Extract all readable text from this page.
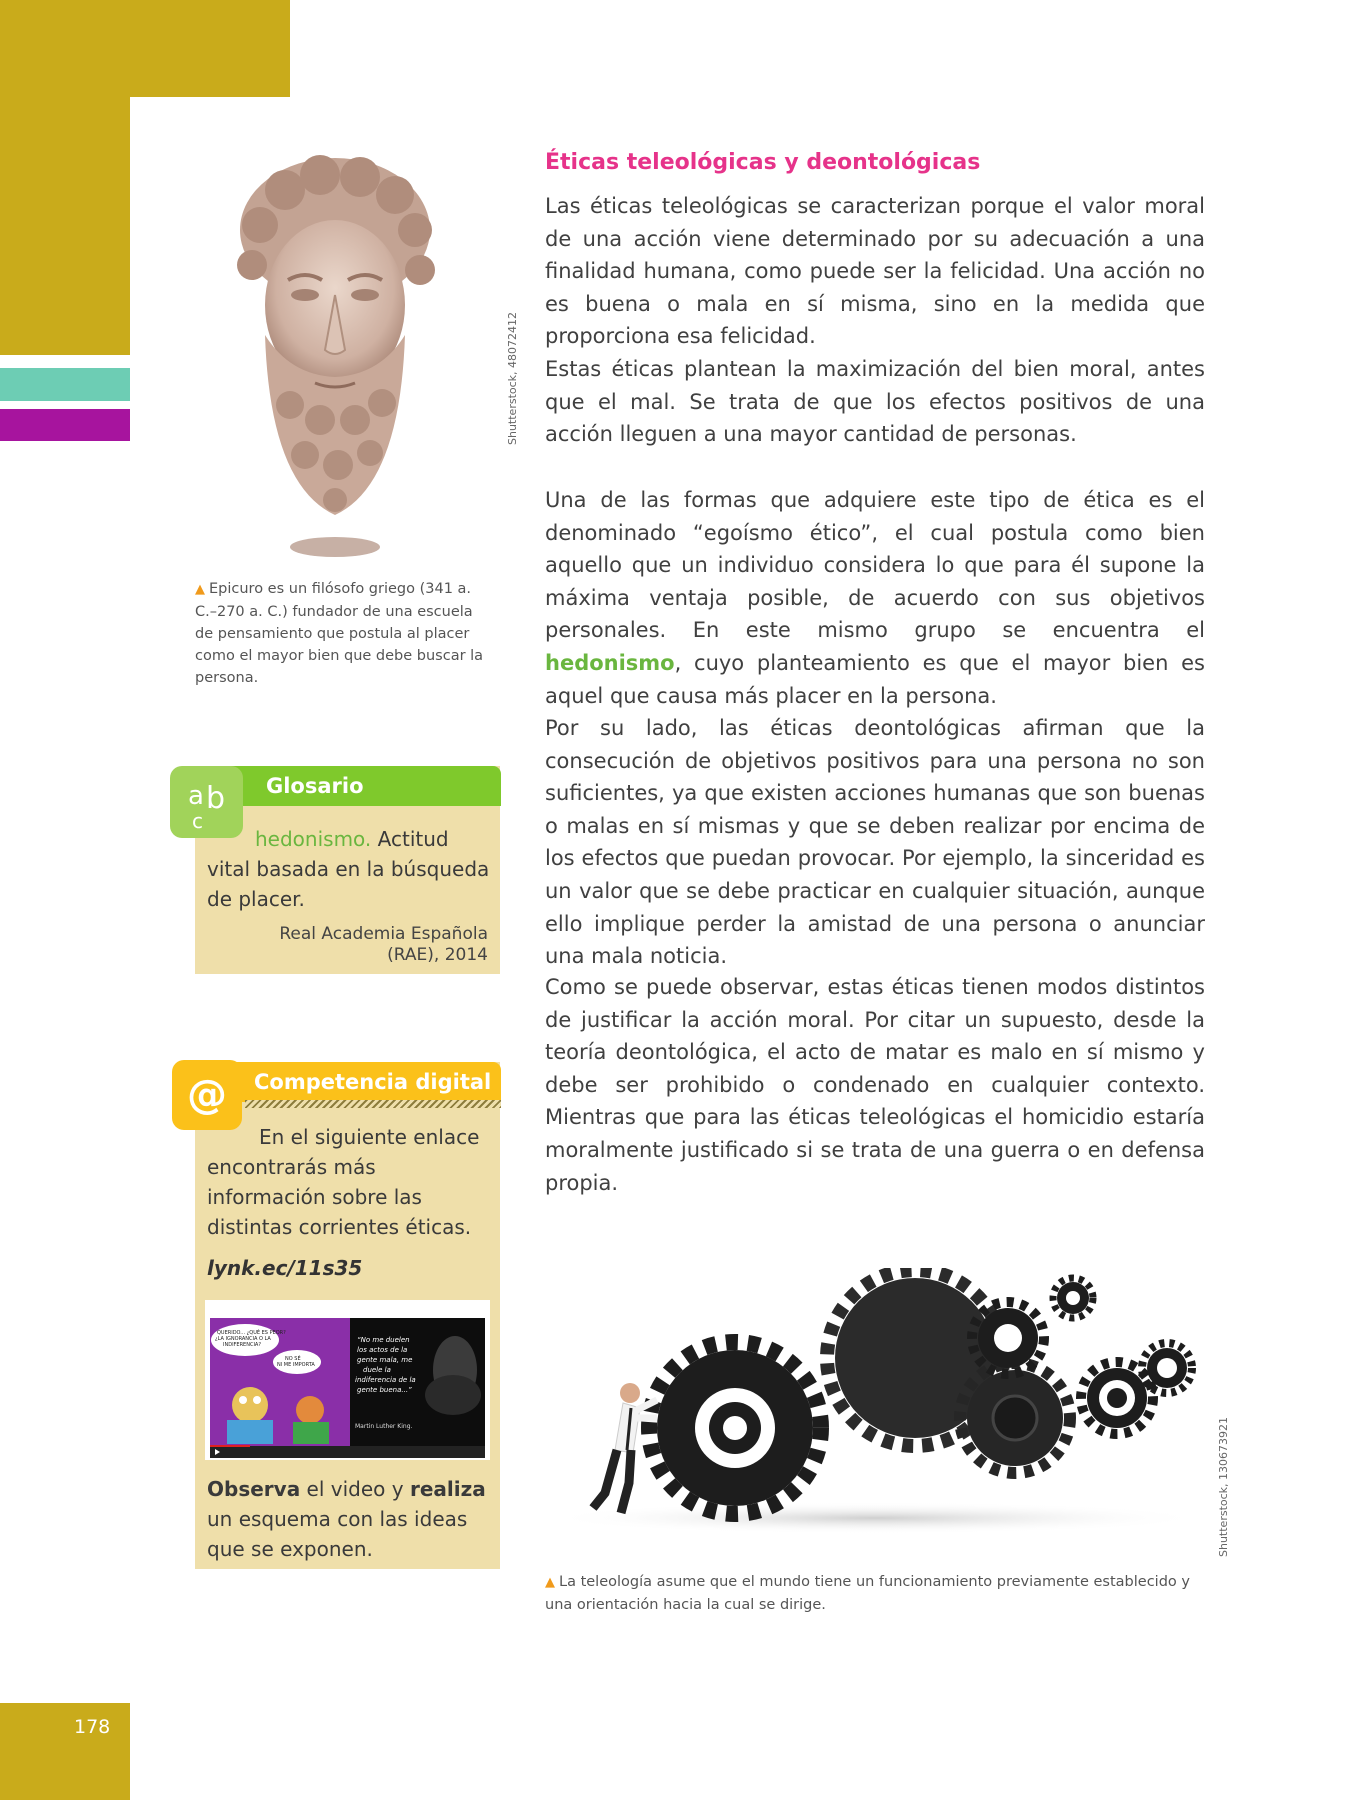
178
Shutterstock, 48072412
▲ Epicuro es un filósofo griego (341 a. C.–270 a. C.) fundador de una escuela de pensamiento que postula al placer como el mayor bien que debe buscar la persona.
Éticas teleológicas y deontológicas

Las éticas teleológicas se caracterizan porque el valor moral de una acción viene determinado por su adecuación a una finalidad humana, como puede ser la felicidad. Una acción no es buena o mala en sí misma, sino en la medida que proporciona esa felicidad.

Estas éticas plantean la maximización del bien moral, antes que el mal. Se trata de que los efectos positivos de una acción lleguen a una mayor cantidad de personas.

Una de las formas que adquiere este tipo de ética es el denominado “egoísmo ético”, el cual postula como bien aquello que un individuo considera lo que para él supone la máxima ventaja posible, de acuerdo con sus objetivos personales. En este mismo grupo se encuentra el hedonismo, cuyo planteamiento es que el mayor bien es aquel que causa más placer en la persona.

Por su lado, las éticas deontológicas afirman que la consecución de objetivos positivos para una persona no son suficientes, ya que existen acciones humanas que son buenas o malas en sí mismas y que se deben realizar por encima de los efectos que puedan provocar. Por ejemplo, la sinceridad es un valor que se debe practicar en cualquier situación, aunque ello implique perder la amistad de una persona o anunciar una mala noticia.

Como se puede observar, estas éticas tienen modos distintos de justificar la acción moral. Por citar un supuesto, desde la teoría deontológica, el acto de matar es malo en sí mismo y debe ser prohibido o condenado en cualquier contexto. Mientras que para las éticas teleológicas el homicidio estaría moralmente justificado si se trata de una guerra o en defensa propia.

a b
c
Glosario
hedonismo. Actitud vital basada en la búsqueda de placer.
Real Academia Española
(RAE), 2014
@	Competencia digital
En el siguiente enlace encontrarás más información sobre las distintas corrientes éticas.
lynk.ec/11s35
QUERIDO... ¿QUÉ ES PEOR? ¿LA IGNORANCIA O LA INDIFERENCIA?
NO SÉ NI ME IMPORTA
“No me duelen los actos de la gente mala, me duele la indiferencia de la gente buena...”
Martin Luther King.
Observa el video y realiza un esquema con las ideas que se exponen.
▲ La teleología asume que el mundo tiene un funcionamiento previamente establecido y una orientación hacia la cual se dirige.
Shutterstock, 130673921
